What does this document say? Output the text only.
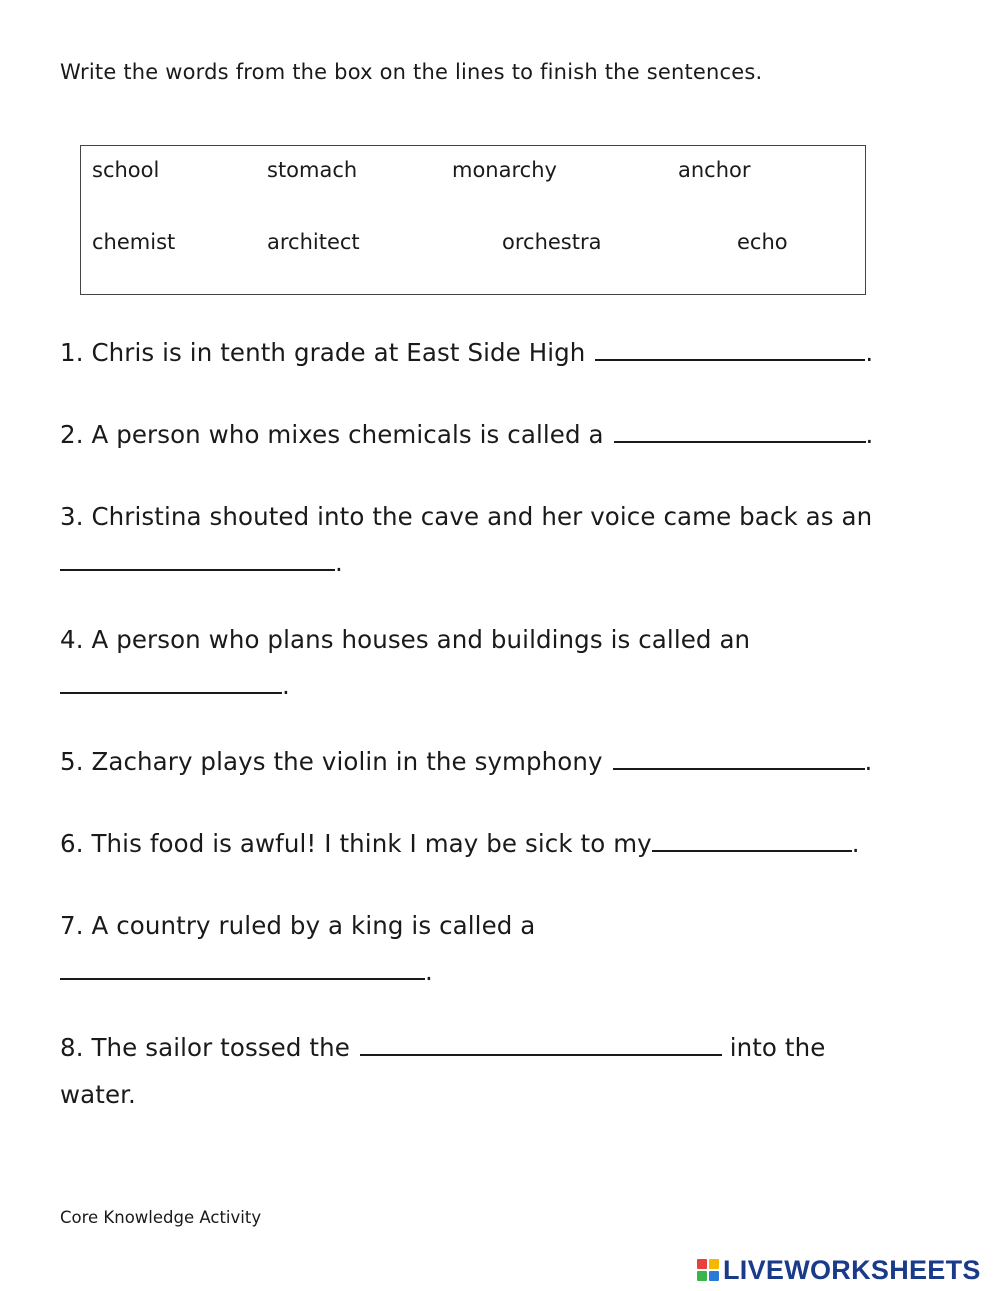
Write the words from the box on the lines to finish the sentences.
school	stomach	monarchy	anchor
chemist	architect	orchestra	echo
1. Chris is in tenth grade at East Side High	.
2. A person who mixes chemicals is called a	.
3. Christina shouted into the cave and her voice came back as an
.
4. A person who plans houses and buildings is called an
.
5. Zachary plays the violin in the symphony	.
6. This food is awful! I think I may be sick to my	.
7. A country ruled by a king is called a
.
8. The sailor tossed the	into the
water.
Core Knowledge Activity
LIVEWORKSHEETS
